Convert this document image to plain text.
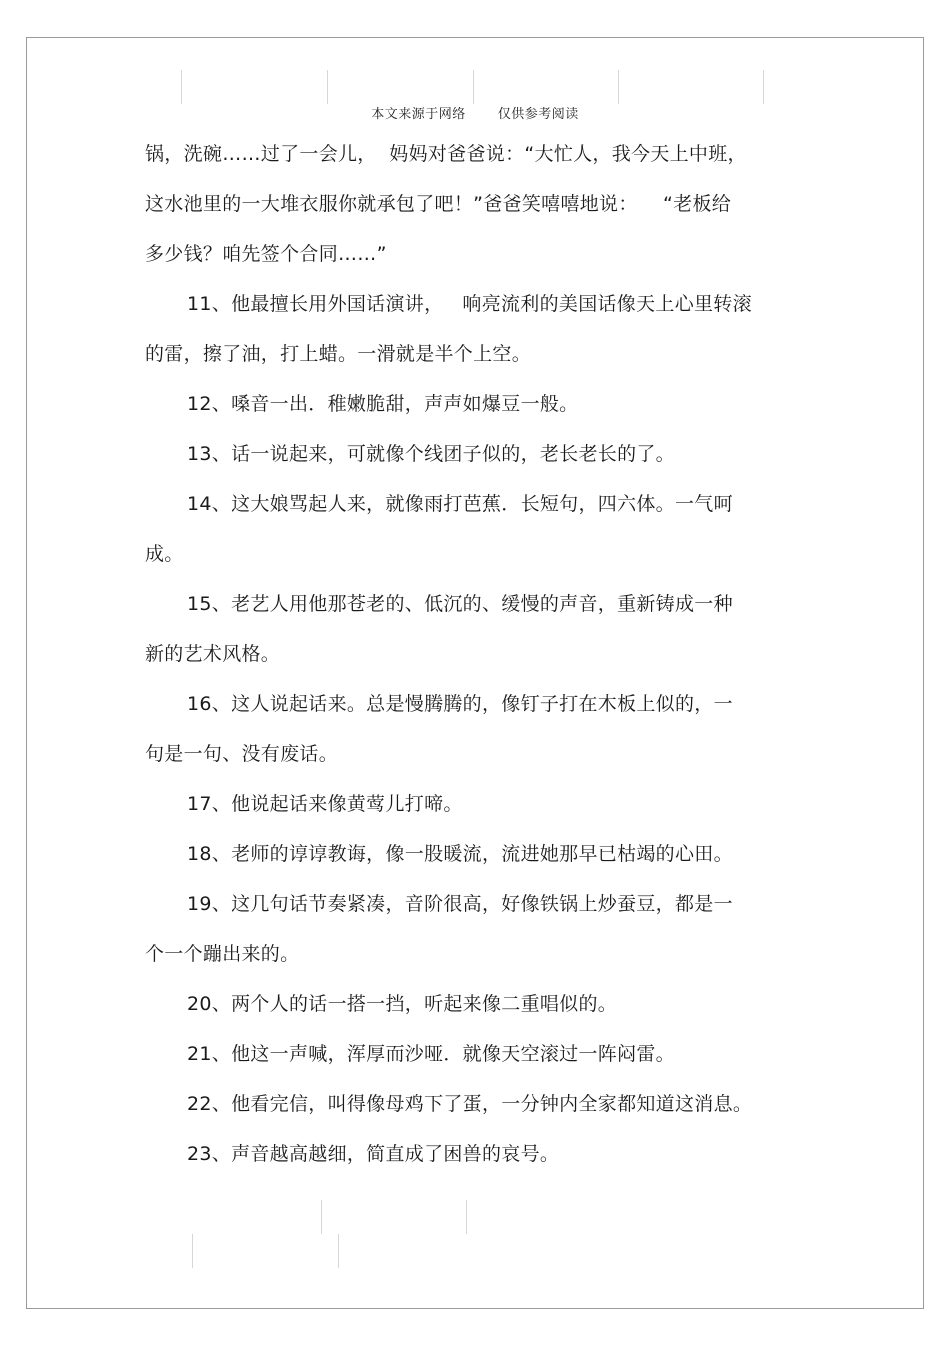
本文来源于网络 仅供参考阅读
锅，洗碗……过了一会儿，  妈妈对爸爸说：“大忙人，我今天上中班，
这水池里的一大堆衣服你就承包了吧！”爸爸笑嘻嘻地说：    “老板给
多少钱？咱先签个合同……”
11、他最擅长用外国话演讲，   响亮流利的美国话像天上心里转滚
的雷，擦了油，打上蜡。一滑就是半个上空。
12、嗓音一出．稚嫩脆甜，声声如爆豆一般。
13、话一说起来，可就像个线团子似的，老长老长的了。
14、这大娘骂起人来，就像雨打芭蕉．长短句，四六体。一气呵
成。
15、老艺人用他那苍老的、低沉的、缓慢的声音，重新铸成一种
新的艺术风格。
16、这人说起话来。总是慢腾腾的，像钉子打在木板上似的，一
句是一句、没有废话。
17、他说起话来像黄莺儿打啼。
18、老师的谆谆教诲，像一股暖流，流进她那早已枯竭的心田。
19、这几句话节奏紧凑，音阶很高，好像铁锅上炒蚕豆，都是一
个一个蹦出来的。
20、两个人的话一搭一挡，听起来像二重唱似的。
21、他这一声喊，浑厚而沙哑．就像天空滚过一阵闷雷。
22、他看完信，叫得像母鸡下了蛋，一分钟内全家都知道这消息。
23、声音越高越细，简直成了困兽的哀号。
